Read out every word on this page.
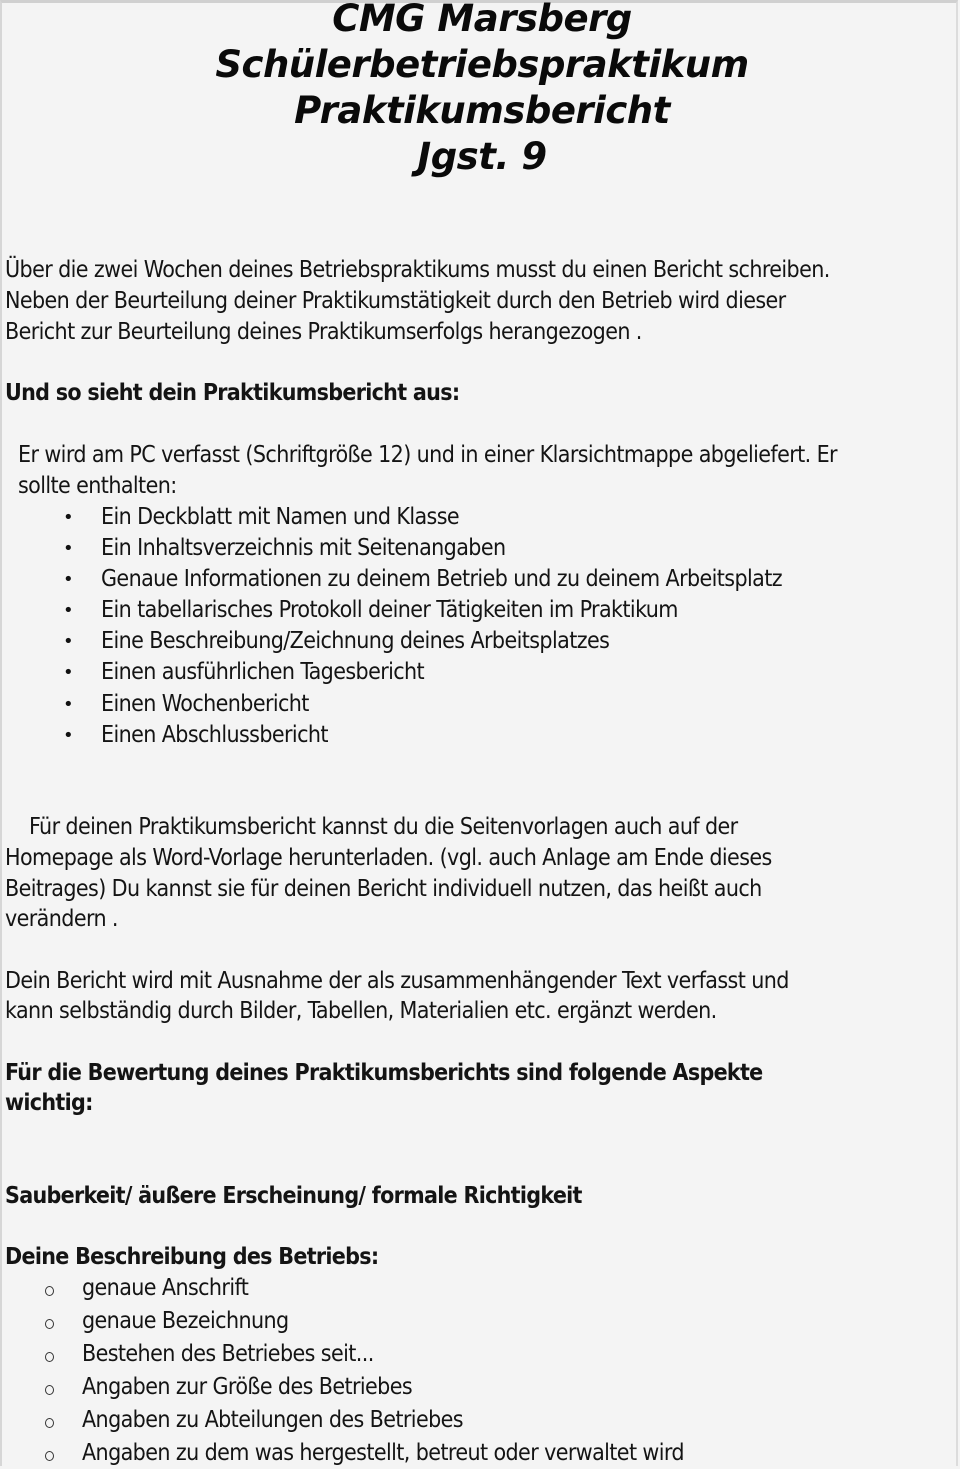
CMG Marsberg
Schülerbetriebspraktikum
Praktikumsbericht
Jgst. 9
Über die zwei Wochen deines Betriebspraktikums musst du einen Bericht schreiben.
Neben der Beurteilung deiner Praktikumstätigkeit durch den Betrieb wird dieser
Bericht zur Beurteilung deines Praktikumserfolgs herangezogen .
Und so sieht dein Praktikumsbericht aus:
Er wird am PC verfasst (Schriftgröße 12) und in einer Klarsichtmappe abgeliefert. Er
sollte enthalten:
• Ein Deckblatt mit Namen und Klasse
• Ein Inhaltsverzeichnis mit Seitenangaben
• Genaue Informationen zu deinem Betrieb und zu deinem Arbeitsplatz
• Ein tabellarisches Protokoll deiner Tätigkeiten im Praktikum
• Eine Beschreibung/Zeichnung deines Arbeitsplatzes
• Einen ausführlichen Tagesbericht
• Einen Wochenbericht
• Einen Abschlussbericht
Für deinen Praktikumsbericht kannst du die Seitenvorlagen auch auf der
Homepage als Word-Vorlage herunterladen. (vgl. auch Anlage am Ende dieses
Beitrages) Du kannst sie für deinen Bericht individuell nutzen, das heißt auch
verändern .
Dein Bericht wird mit Ausnahme der als zusammenhängender Text verfasst und
kann selbständig durch Bilder, Tabellen, Materialien etc. ergänzt werden.
Für die Bewertung deines Praktikumsberichts sind folgende Aspekte
wichtig:
Sauberkeit/ äußere Erscheinung/ formale Richtigkeit
Deine Beschreibung des Betriebs:
genaue Anschrift
genaue Bezeichnung
Bestehen des Betriebes seit...
Angaben zur Größe des Betriebes
Angaben zu Abteilungen des Betriebes
Angaben zu dem was hergestellt, betreut oder verwaltet wird
